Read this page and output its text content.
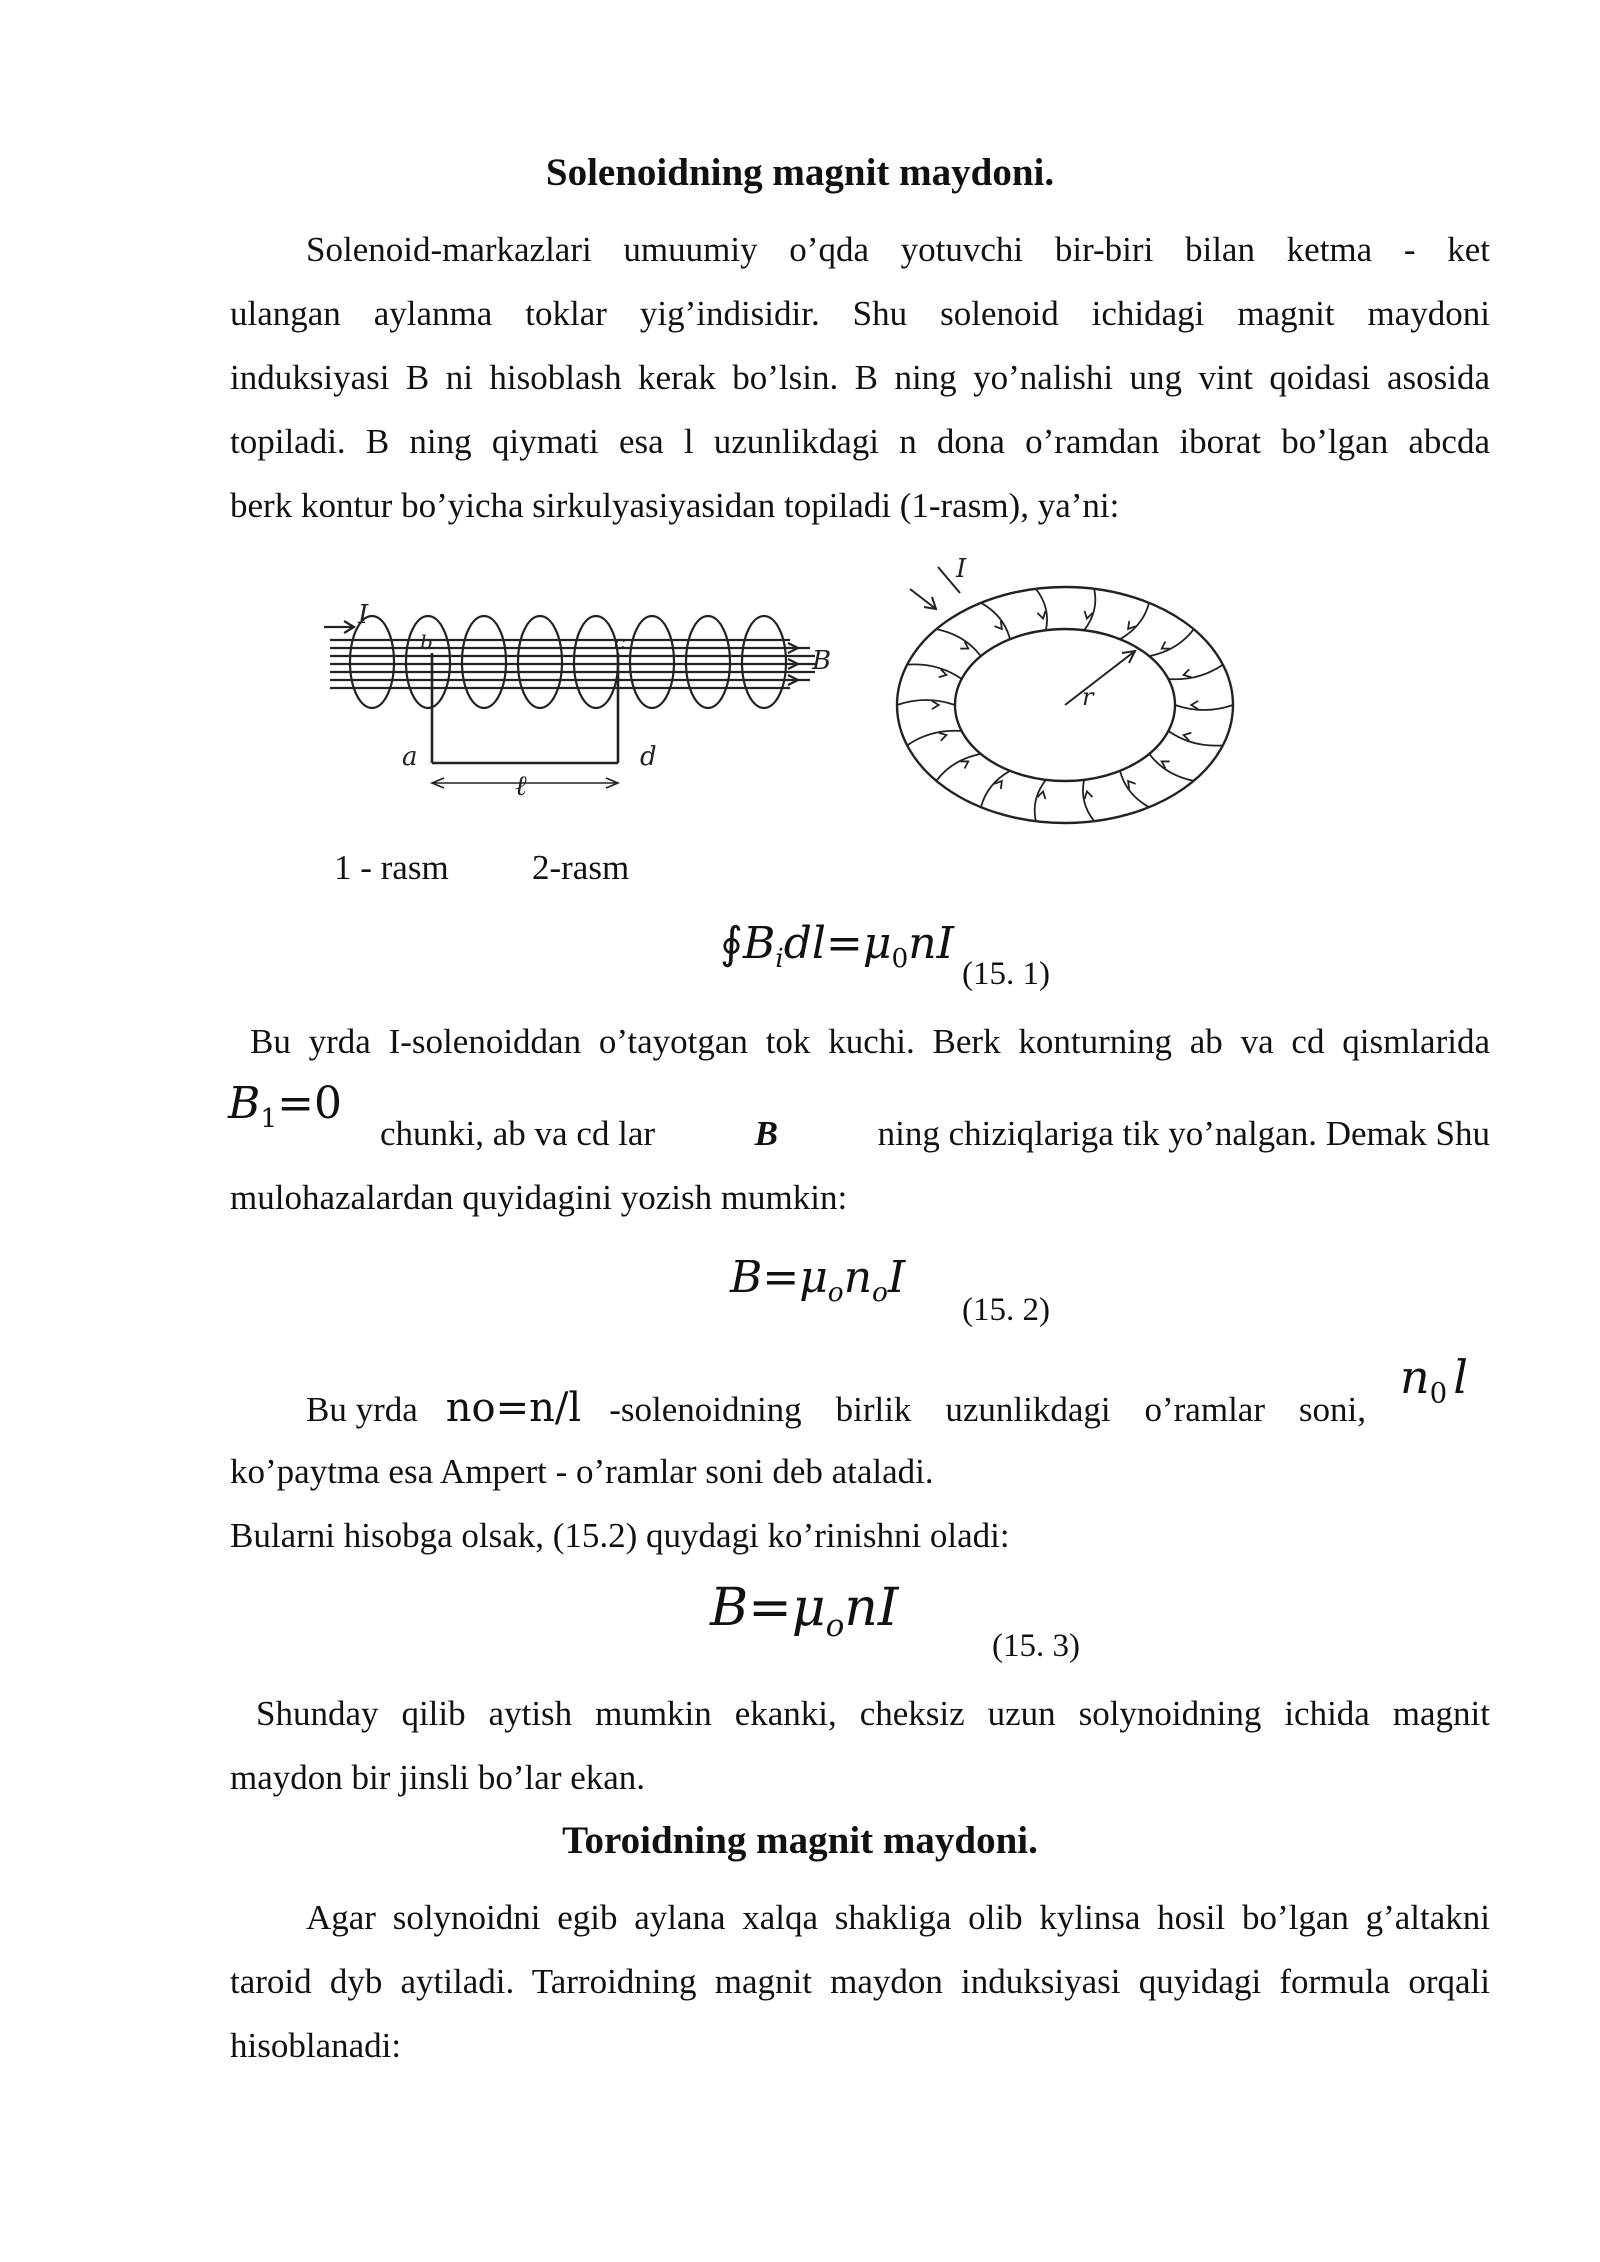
Solenoidning magnit maydoni.

Solenoid-markazlari umuumiy o’qda yotuvchi bir-biri bilan ketma - ket

ulangan aylanma toklar yig’indisidir. Shu solenoid ichidagi magnit maydoni

induksiyasi B ni hisoblash kerak bo’lsin. B ning yo’nalishi ung vint qoidasi asosida

topiladi. B ning qiymati esa l uzunlikdagi n dona o’ramdan iborat bo’lgan abcda

berk kontur bo’yicha sirkulyasiyasidan topiladi (1-rasm), ya’ni:

I
B
b	c
a	d
ℓ
I
r
1 - rasm 2-rasm
$∮B_idl=\mu_0nI$
(15. 1)

Bu yrda I-solenoiddan o’tayotgan tok kuchi. Berk konturning ab va cd qismlarida

$B_1=0$

chunki, ab va cd lar	B	ning chiziqlariga tik yo’nalgan. Demak Shu

mulohazalardan quyidagini yozish mumkin:

$B=\mu_on_oI$
(15. 2)

Bu yrda no=n/l -solenoidning birlik uzunlikdagi o’ramlar soni,

$n_0$ l

ko’paytma esa Ampert - o’ramlar soni deb ataladi.

Bularni hisobga olsak, (15.2) quydagi ko’rinishni oladi:

$B=\mu_onI$
(15. 3)

Shunday qilib aytish mumkin ekanki, cheksiz uzun solynoidning ichida magnit

maydon bir jinsli bo’lar ekan.

Toroidning magnit maydoni.

Agar solynoidni egib aylana xalqa shakliga olib kylinsa hosil bo’lgan g’altakni

taroid dyb aytiladi. Tarroidning magnit maydon induksiyasi quyidagi formula orqali

hisoblanadi:
